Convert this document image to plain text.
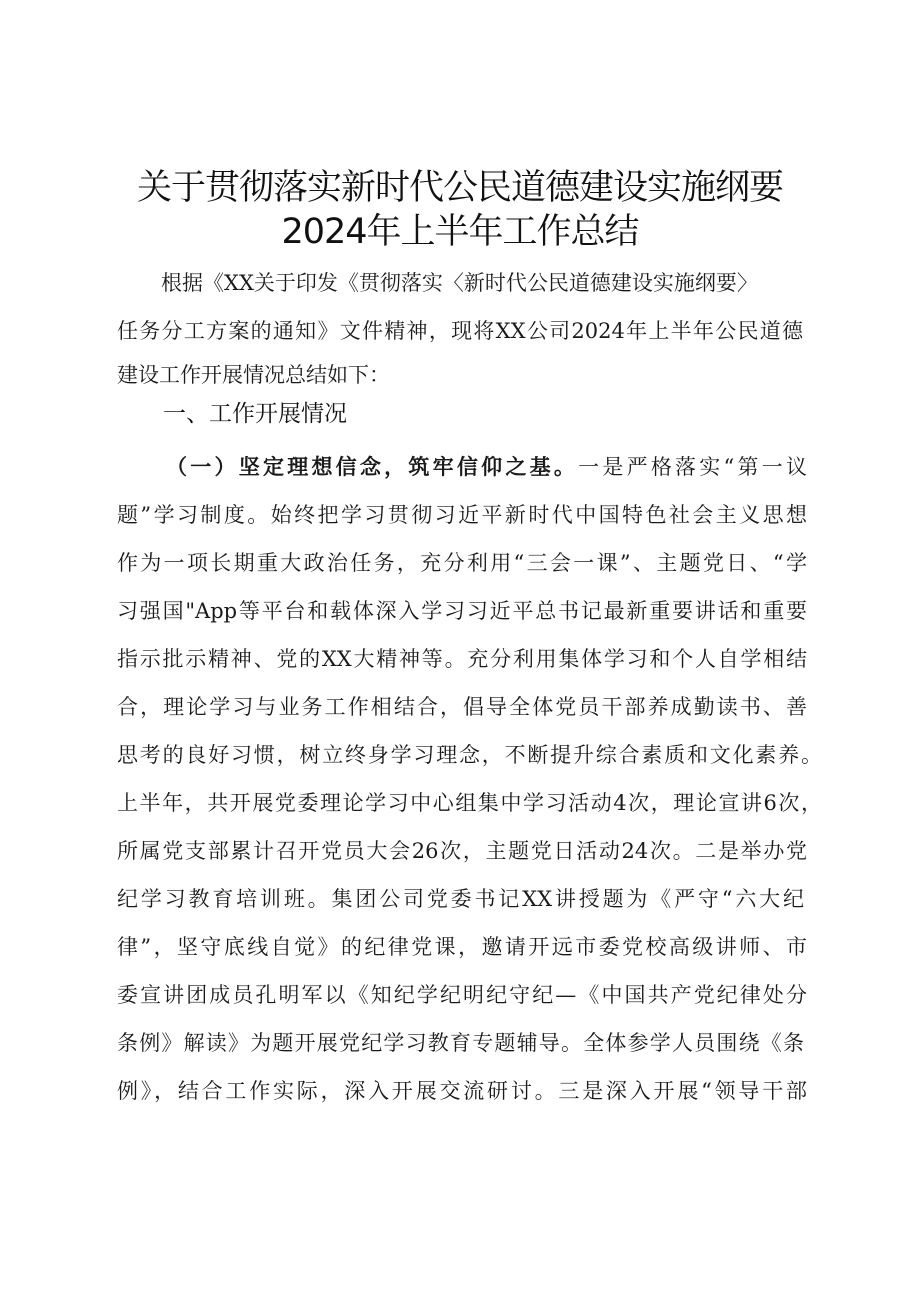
关于贯彻落实新时代公民道德建设实施纲要
2024年上半年工作总结
根据《XX关于印发《贯彻落实〈新时代公民道德建设实施纲要〉
任务分工方案的通知》文件精神，现将XX公司2024年上半年公民道德
建设工作开展情况总结如下：
一、工作开展情况
（一）坚定理想信念，筑牢信仰之基。一是严格落实“第一议
题”学习制度。始终把学习贯彻习近平新时代中国特色社会主义思想
作为一项长期重大政治任务，充分利用“三会一课”、主题党日、“学
习强国"App等平台和载体深入学习习近平总书记最新重要讲话和重要
指示批示精神、党的XX大精神等。充分利用集体学习和个人自学相结
合，理论学习与业务工作相结合，倡导全体党员干部养成勤读书、善
思考的良好习惯，树立终身学习理念，不断提升综合素质和文化素养。
上半年，共开展党委理论学习中心组集中学习活动4次，理论宣讲6次，
所属党支部累计召开党员大会26次，主题党日活动24次。二是举办党
纪学习教育培训班。集团公司党委书记XX讲授题为《严守“六大纪
律”，坚守底线自觉》的纪律党课，邀请开远市委党校高级讲师、市
委宣讲团成员孔明军以《知纪学纪明纪守纪—《中国共产党纪律处分
条例》解读》为题开展党纪学习教育专题辅导。全体参学人员围绕《条
例》，结合工作实际，深入开展交流研讨。三是深入开展“领导干部
